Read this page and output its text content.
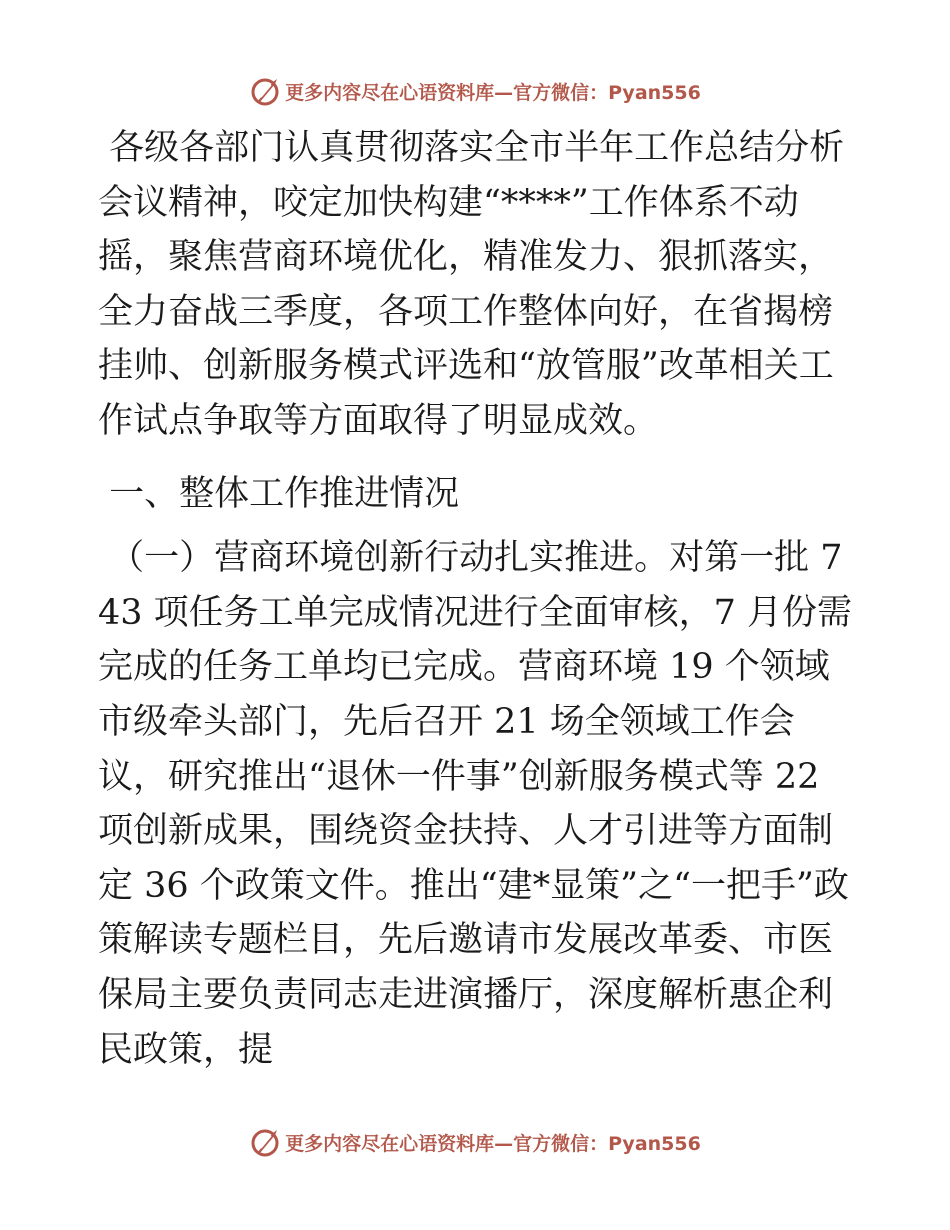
更多内容尽在心语资料库—官方微信：Pyan556

各级各部门认真贯彻落实全市半年工作总结分析会议精神，咬定加快构建“****”工作体系不动摇，聚焦营商环境优化，精准发力、狠抓落实，全力奋战三季度，各项工作整体向好，在省揭榜挂帅、创新服务模式评选和“放管服”改革相关工作试点争取等方面取得了明显成效。

一、整体工作推进情况

（一）营商环境创新行动扎实推进。对第一批 743 项任务工单完成情况进行全面审核，7 月份需完成的任务工单均已完成。营商环境 19 个领域市级牵头部门，先后召开 21 场全领域工作会议，研究推出“退休一件事”创新服务模式等 22 项创新成果，围绕资金扶持、人才引进等方面制定 36 个政策文件。推出“建*显策”之“一把手”政策解读专题栏目，先后邀请市发展改革委、市医保局主要负责同志走进演播厅，深度解析惠企利民政策，提

更多内容尽在心语资料库—官方微信：Pyan556
